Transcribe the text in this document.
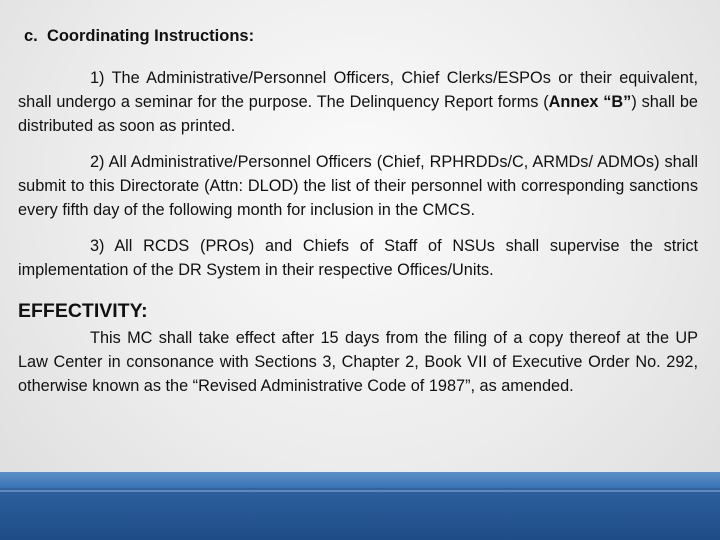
c. Coordinating Instructions:

1) The Administrative/Personnel Officers, Chief Clerks/ESPOs or their equivalent, shall undergo a seminar for the purpose. The Delinquency Report forms (Annex “B”) shall be distributed as soon as printed.

2) All Administrative/Personnel Officers (Chief, RPHRDDs/C, ARMDs/ ADMOs) shall submit to this Directorate (Attn: DLOD) the list of their personnel with corresponding sanctions every fifth day of the following month for inclusion in the CMCS.

3) All RCDS (PROs) and Chiefs of Staff of NSUs shall supervise the strict implementation of the DR System in their respective Offices/Units.

EFFECTIVITY:

This MC shall take effect after 15 days from the filing of a copy thereof at the UP Law Center in consonance with Sections 3, Chapter 2, Book VII of Executive Order No. 292, otherwise known as the “Revised Administrative Code of 1987”, as amended.
